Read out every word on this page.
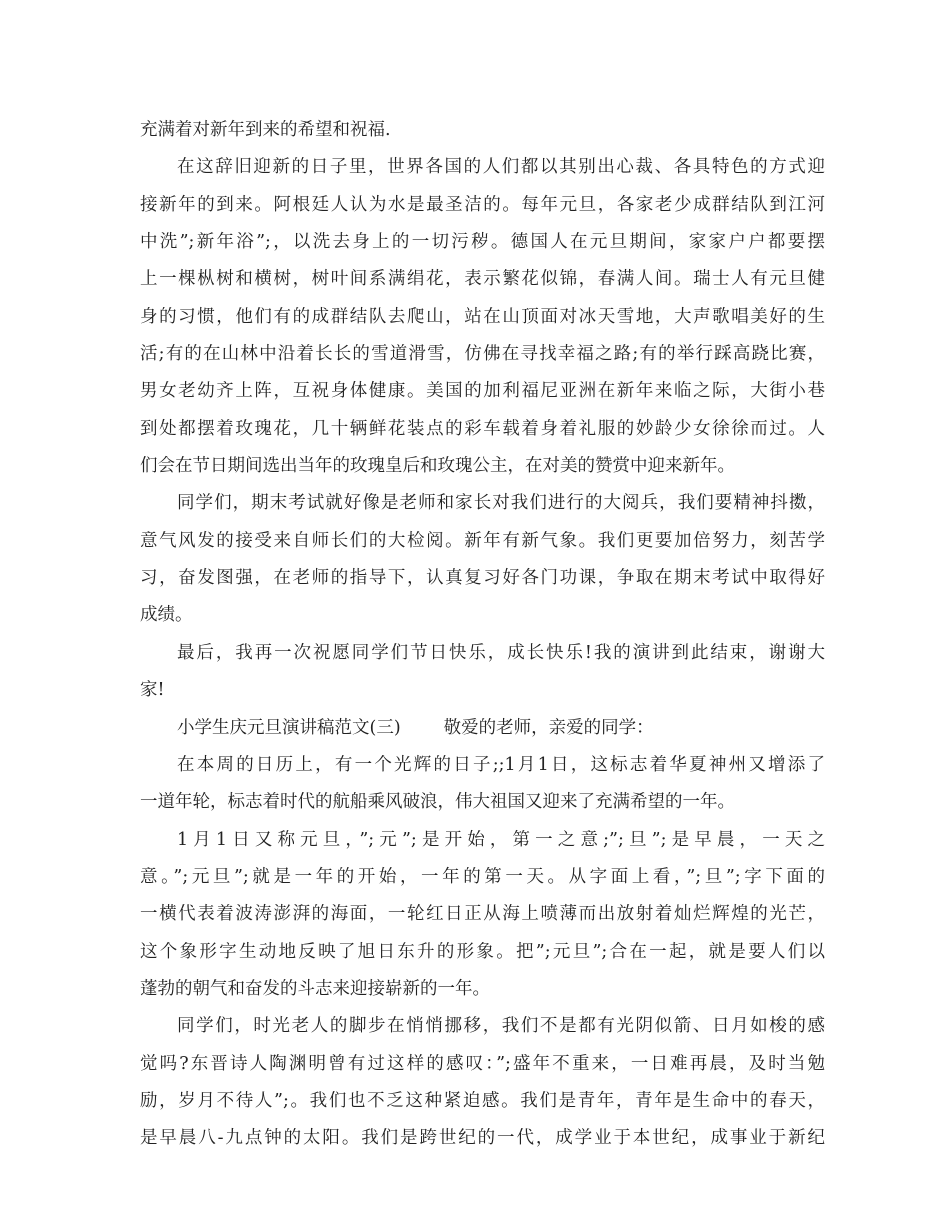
充满着对新年到来的希望和祝福.
在这辞旧迎新的日子里，世界各国的人们都以其别出心裁、各具特色的方式迎
接新年的到来。阿根廷人认为水是最圣洁的。每年元旦，各家老少成群结队到江河
中洗”;新年浴”;，以洗去身上的一切污秽。德国人在元旦期间，家家户户都要摆
上一棵枞树和横树，树叶间系满绢花，表示繁花似锦，春满人间。瑞士人有元旦健
身的习惯，他们有的成群结队去爬山，站在山顶面对冰天雪地，大声歌唱美好的生
活;有的在山林中沿着长长的雪道滑雪，仿佛在寻找幸福之路;有的举行踩高跷比赛，
男女老幼齐上阵，互祝身体健康。美国的加利福尼亚洲在新年来临之际，大街小巷
到处都摆着玫瑰花，几十辆鲜花装点的彩车载着身着礼服的妙龄少女徐徐而过。人
们会在节日期间选出当年的玫瑰皇后和玫瑰公主，在对美的赞赏中迎来新年。
同学们，期末考试就好像是老师和家长对我们进行的大阅兵，我们要精神抖擞，
意气风发的接受来自师长们的大检阅。新年有新气象。我们更要加倍努力，刻苦学
习，奋发图强，在老师的指导下，认真复习好各门功课，争取在期末考试中取得好
成绩。
最后，我再一次祝愿同学们节日快乐，成长快乐!我的演讲到此结束，谢谢大
家!
小学生庆元旦演讲稿范文(三) 敬爱的老师，亲爱的同学：
在本周的日历上，有一个光辉的日子;;1月1日，这标志着华夏神州又增添了
一道年轮，标志着时代的航船乘风破浪，伟大祖国又迎来了充满希望的一年。
1月1日又称元旦，”;元”;是开始，第一之意;”;旦”;是早晨，一天之
意。”;元旦”;就是一年的开始，一年的第一天。从字面上看，”;旦”;字下面的
一横代表着波涛澎湃的海面，一轮红日正从海上喷薄而出放射着灿烂辉煌的光芒，
这个象形字生动地反映了旭日东升的形象。把”;元旦”;合在一起，就是要人们以
蓬勃的朝气和奋发的斗志来迎接崭新的一年。
同学们，时光老人的脚步在悄悄挪移，我们不是都有光阴似箭、日月如梭的感
觉吗?东晋诗人陶渊明曾有过这样的感叹：”;盛年不重来，一日难再晨，及时当勉
励，岁月不待人”;。我们也不乏这种紧迫感。我们是青年，青年是生命中的春天，
是早晨八-九点钟的太阳。我们是跨世纪的一代，成学业于本世纪，成事业于新纪
